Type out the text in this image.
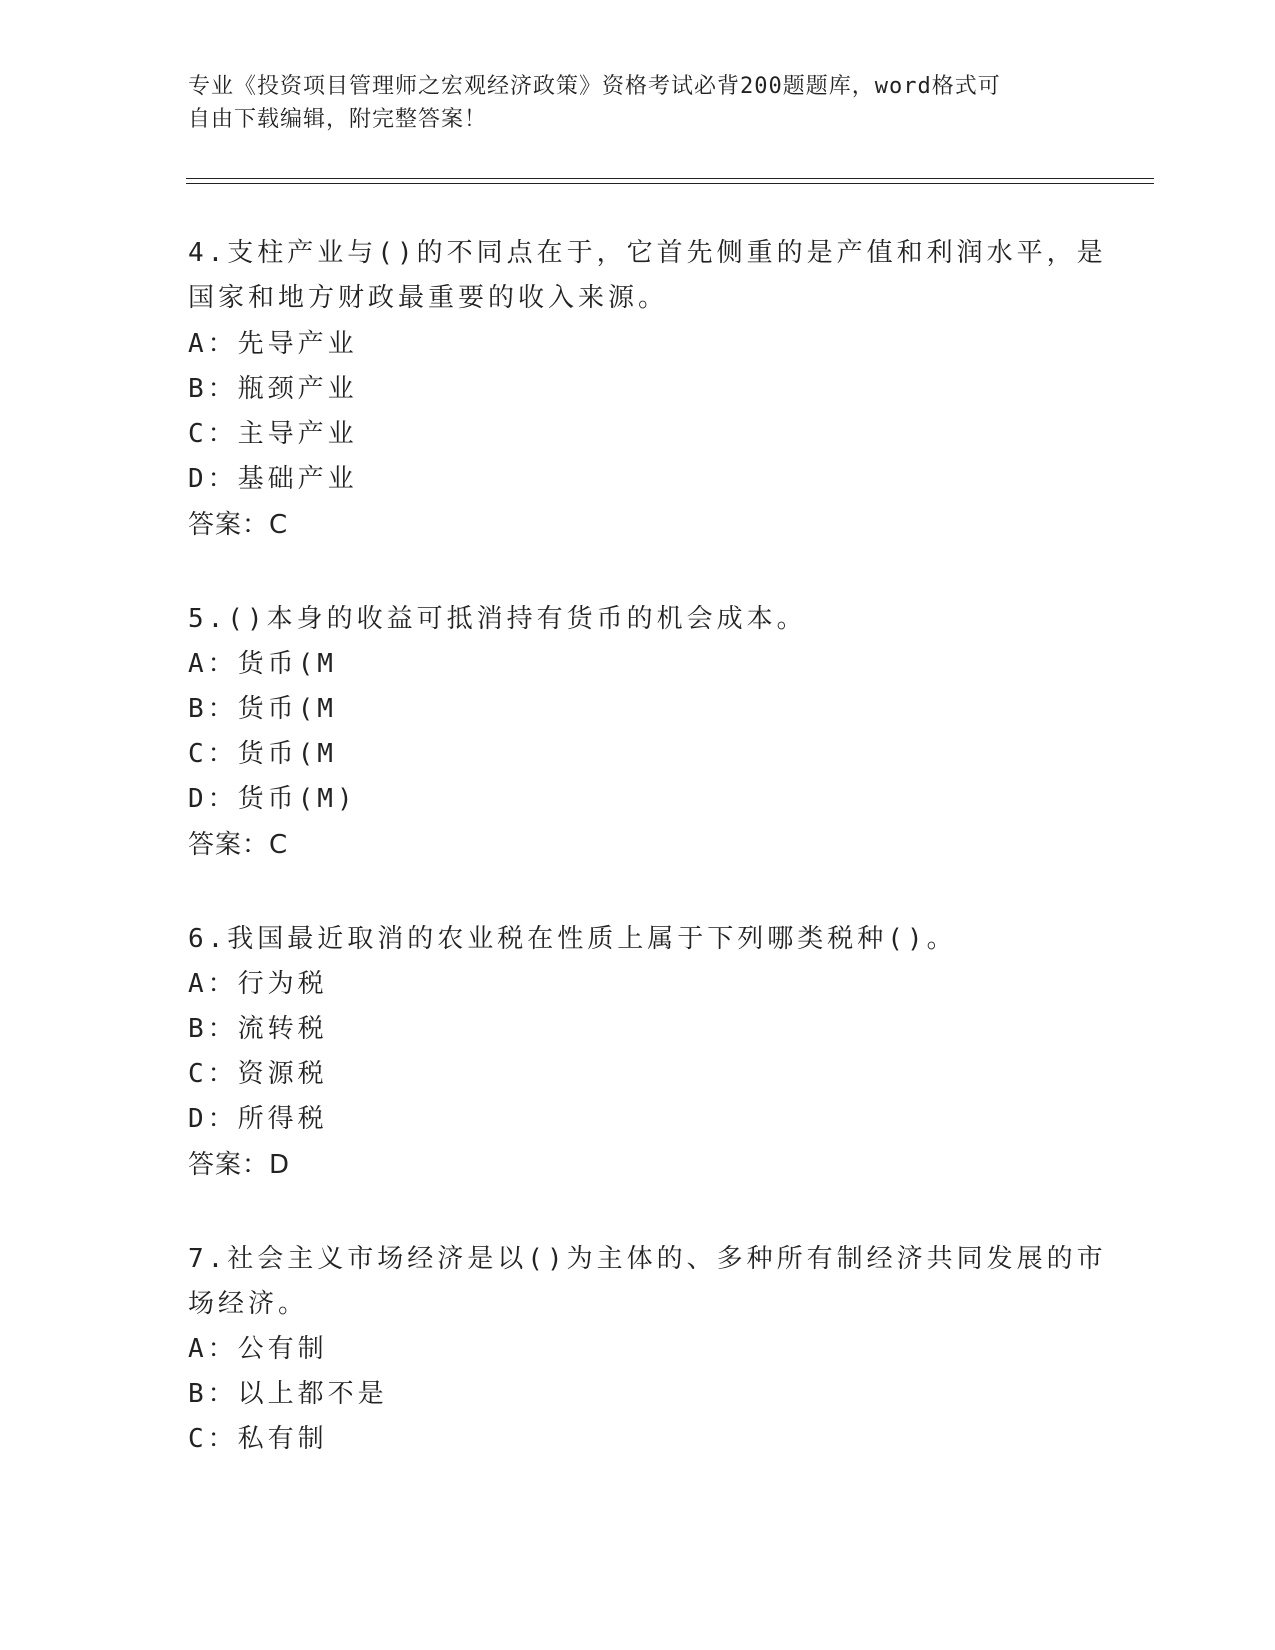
专业《投资项目管理师之宏观经济政策》资格考试必背200题题库，word格式可
自由下载编辑，附完整答案！
4.支柱产业与()的不同点在于，它首先侧重的是产值和利润水平，是
国家和地方财政最重要的收入来源。
A：先导产业
B：瓶颈产业
C：主导产业
D：基础产业
答案：C
5.()本身的收益可抵消持有货币的机会成本。
A：货币(M
B：货币(M
C：货币(M
D：货币(M)
答案：C
6.我国最近取消的农业税在性质上属于下列哪类税种()。
A：行为税
B：流转税
C：资源税
D：所得税
答案：D
7.社会主义市场经济是以()为主体的、多种所有制经济共同发展的市
场经济。
A：公有制
B：以上都不是
C：私有制
